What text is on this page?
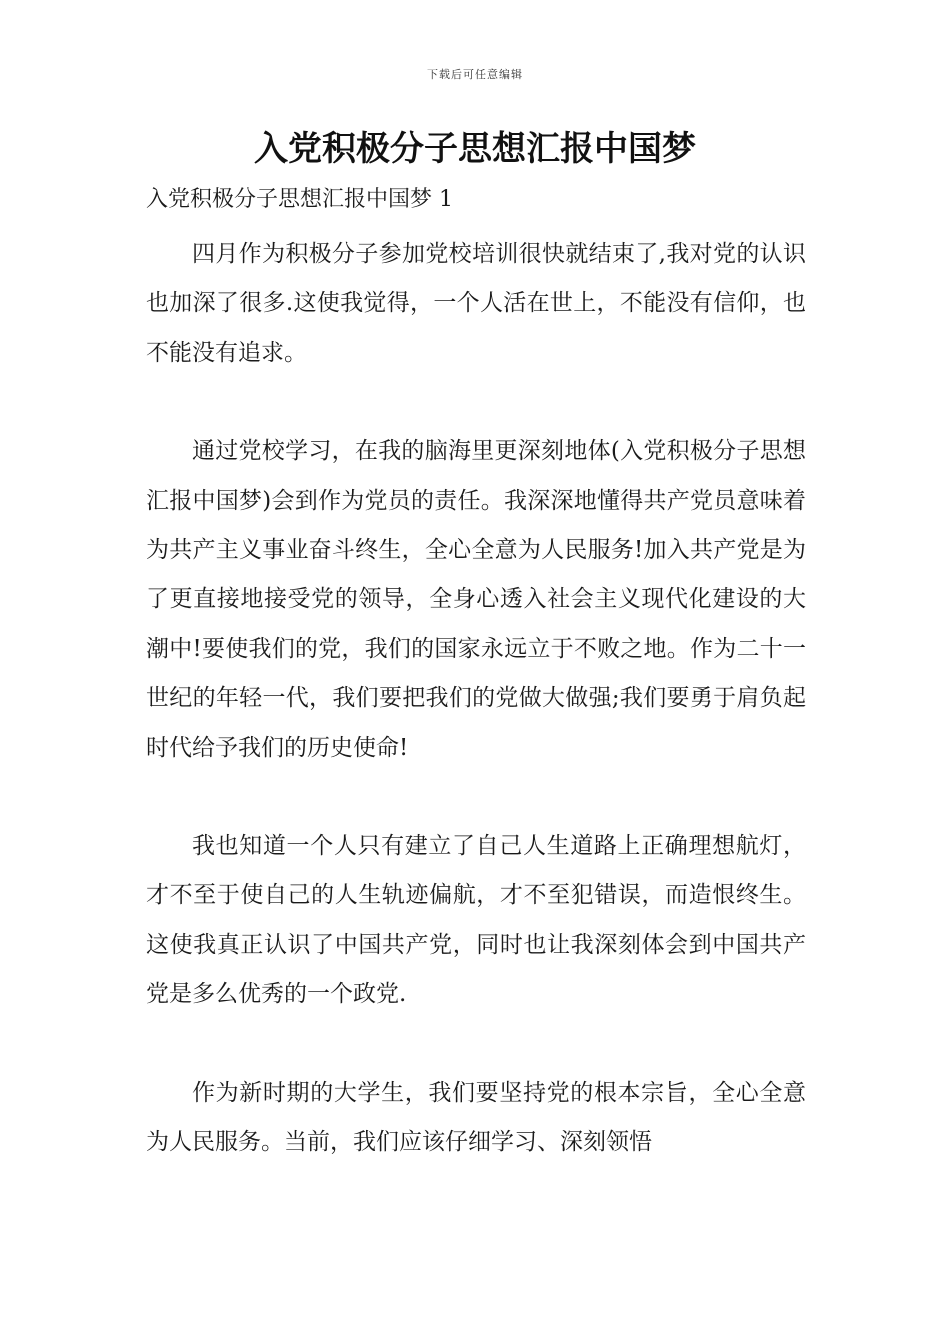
下载后可任意编辑
入党积极分子思想汇报中国梦
入党积极分子思想汇报中国梦 1

四月作为积极分子参加党校培训很快就结束了,我对党的认识也加深了很多.这使我觉得，一个人活在世上，不能没有信仰，也不能没有追求。

通过党校学习，在我的脑海里更深刻地体(入党积极分子思想汇报中国梦)会到作为党员的责任。我深深地懂得共产党员意味着为共产主义事业奋斗终生，全心全意为人民服务!加入共产党是为了更直接地接受党的领导，全身心透入社会主义现代化建设的大潮中!要使我们的党，我们的国家永远立于不败之地。作为二十一世纪的年轻一代，我们要把我们的党做大做强;我们要勇于肩负起时代给予我们的历史使命!

我也知道一个人只有建立了自己人生道路上正确理想航灯，才不至于使自己的人生轨迹偏航，才不至犯错误，而造恨终生。这使我真正认识了中国共产党，同时也让我深刻体会到中国共产党是多么优秀的一个政党.

作为新时期的大学生，我们要坚持党的根本宗旨，全心全意为人民服务。当前，我们应该仔细学习、深刻领悟
